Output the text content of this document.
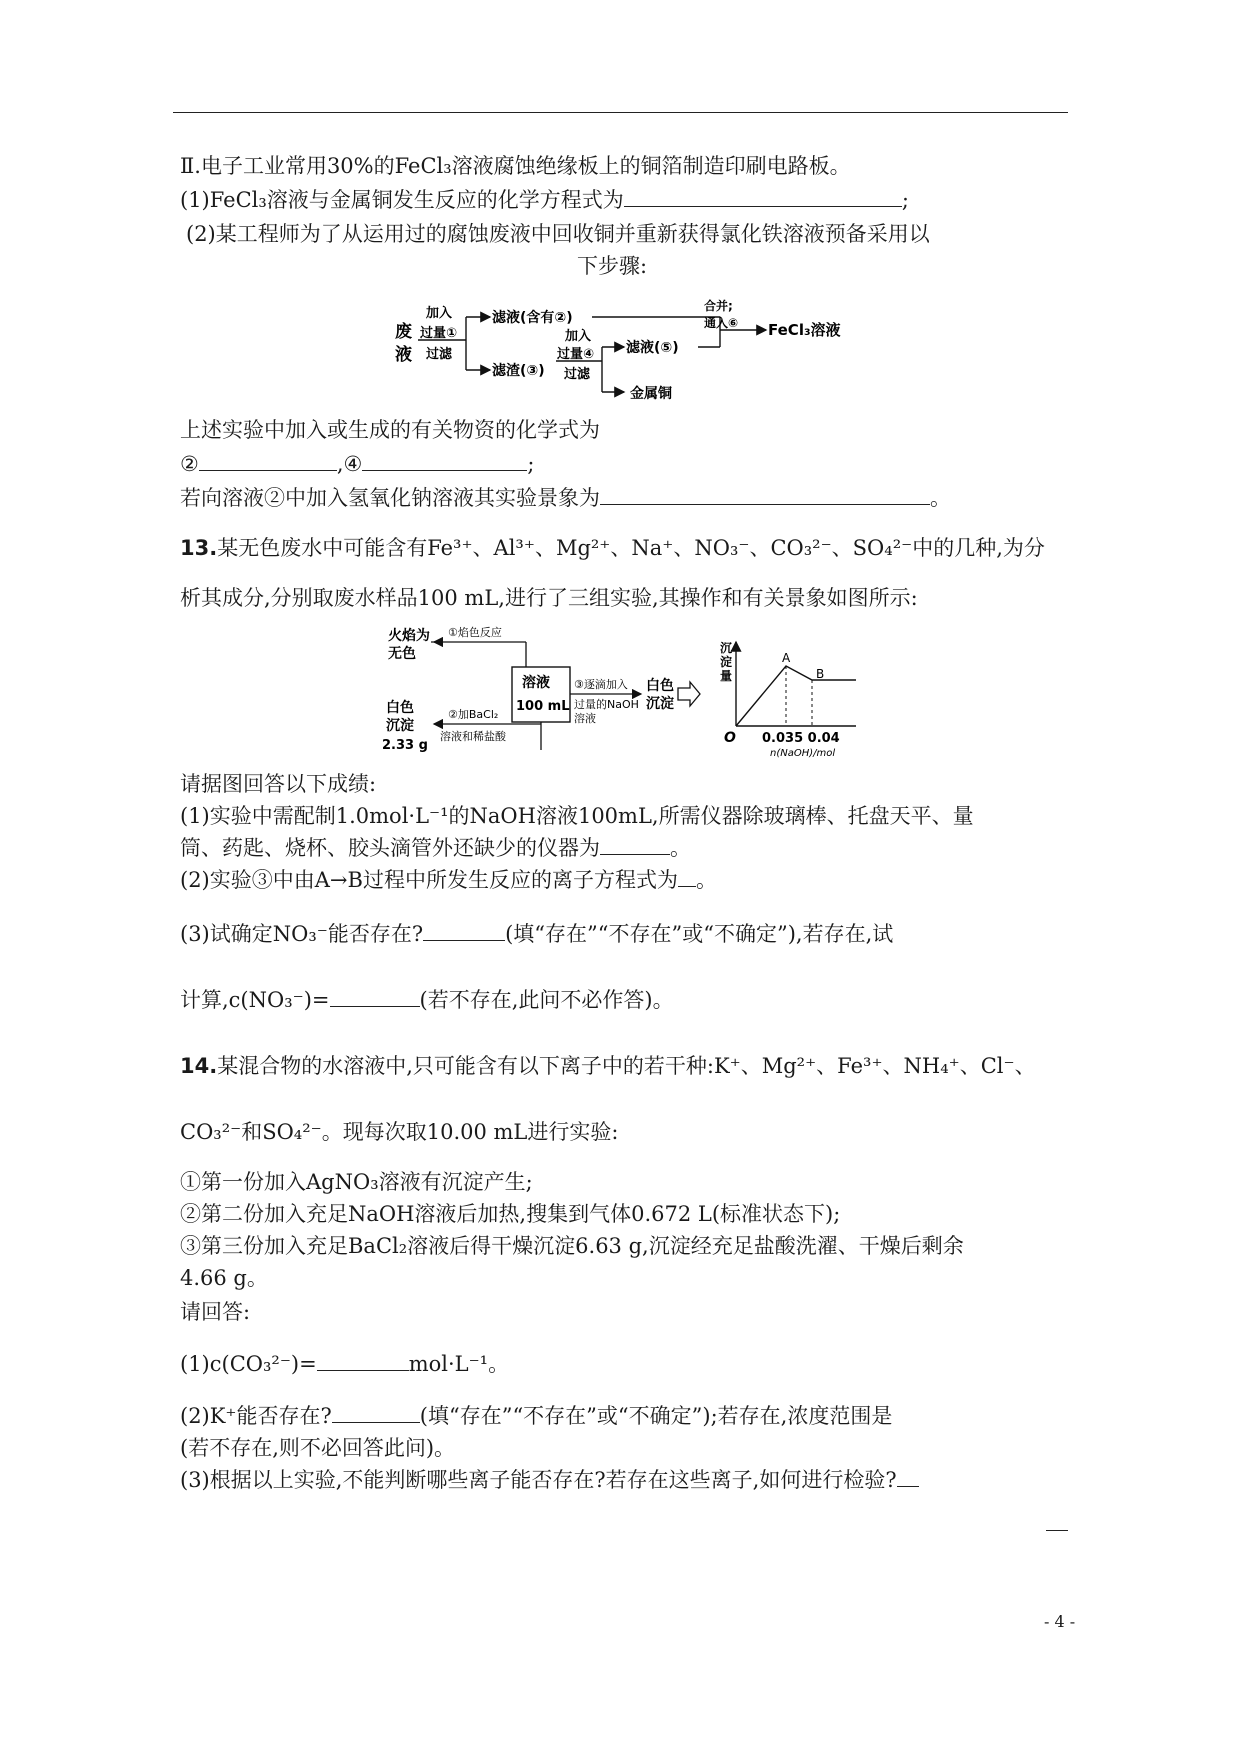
Ⅱ.电子工业常用30%的FeCl₃溶液腐蚀绝缘板上的铜箔制造印刷电路板。
(1)FeCl₃溶液与金属铜发生反应的化学方程式为	;
(2)某工程师为了从运用过的腐蚀废液中回收铜并重新获得氯化铁溶液预备采用以
下步骤:
废
液
加入
过量①
过滤
滤液(含有②)
滤渣(③)
加入
过量④
过滤
滤液(⑤)
金属铜
合并;
通入⑥ FeCl₃溶液
上述实验中加入或生成的有关物资的化学式为
②	,④	;
若向溶液②中加入氢氧化钠溶液其实验景象为	。
13.某无色废水中可能含有Fe³⁺、Al³⁺、Mg²⁺、Na⁺、NO₃⁻、CO₃²⁻、SO₄²⁻中的几种,为分
析其成分,分别取废水样品100 mL,进行了三组实验,其操作和有关景象如图所示:
火焰为
无色
①焰色反应
溶液
100 mL
③逐滴加入
过量的NaOH
溶液
白色
沉淀
白色
沉淀
2.33 g
②加BaCl₂
溶液和稀盐酸
沉
淀
量
A
B
O 0.035 0.04
n(NaOH)/mol
请据图回答以下成绩:
(1)实验中需配制1.0mol·L⁻¹的NaOH溶液100mL,所需仪器除玻璃棒、托盘天平、量
筒、药匙、烧杯、胶头滴管外还缺少的仪器为	。
(2)实验③中由A→B过程中所发生反应的离子方程式为 。
(3)试确定NO₃⁻能否存在?	(填“存在”“不存在”或“不确定”),若存在,试
计算,c(NO₃⁻)=	(若不存在,此问不必作答)。
14.某混合物的水溶液中,只可能含有以下离子中的若干种:K⁺、Mg²⁺、Fe³⁺、NH₄⁺、Cl⁻、
CO₃²⁻和SO₄²⁻。现每次取10.00 mL进行实验:
①第一份加入AgNO₃溶液有沉淀产生;
②第二份加入充足NaOH溶液后加热,搜集到气体0.672 L(标准状态下);
③第三份加入充足BaCl₂溶液后得干燥沉淀6.63 g,沉淀经充足盐酸洗濯、干燥后剩余
4.66 g。
请回答:
(1)c(CO₃²⁻)=	mol·L⁻¹。
(2)K⁺能否存在?	(填“存在”“不存在”或“不确定”);若存在,浓度范围是
(若不存在,则不必回答此问)。
(3)根据以上实验,不能判断哪些离子能否存在?若存在这些离子,如何进行检验?
- 4 -
